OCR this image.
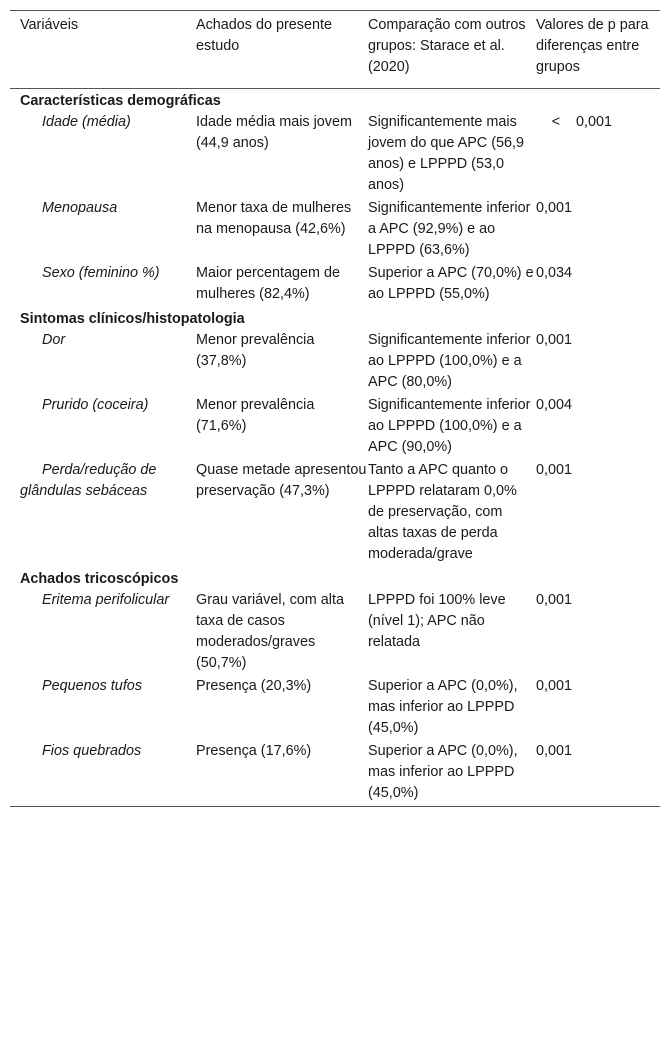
Variáveis	Achados do presente estudo	Comparação com outros grupos: Starace et al. (2020)	Valores de p para diferenças entre grupos
Características demográficas			
Idade (média)	Idade média mais jovem (44,9 anos)	Significantemente mais jovem do que APC (56,9 anos) e LPPPD (53,0 anos)	< 0,001
Menopausa	Menor taxa de mulheres na menopausa (42,6%)	Significantemente inferior a APC (92,9%) e ao LPPPD (63,6%)	0,001
Sexo (feminino %)	Maior percentagem de mulheres (82,4%)	Superior a APC (70,0%) e ao LPPPD (55,0%)	0,034
Sintomas clínicos/histopatologia			
Dor	Menor prevalência (37,8%)	Significantemente inferior ao LPPPD (100,0%) e a APC (80,0%)	0,001
Prurido (coceira)	Menor prevalência (71,6%)	Significantemente inferior ao LPPPD (100,0%) e a APC (90,0%)	0,004
Perda/redução de glândulas sebáceas	Quase metade apresentou preservação (47,3%)	Tanto a APC quanto o LPPPD relataram 0,0% de preservação, com altas taxas de perda moderada/grave	0,001
Achados tricoscópicos			
Eritema perifolicular	Grau variável, com alta taxa de casos moderados/graves (50,7%)	LPPPD foi 100% leve (nível 1); APC não relatada	0,001
Pequenos tufos	Presença (20,3%)	Superior a APC (0,0%), mas inferior ao LPPPD (45,0%)	0,001
Fios quebrados	Presença (17,6%)	Superior a APC (0,0%), mas inferior ao LPPPD (45,0%)	0,001
